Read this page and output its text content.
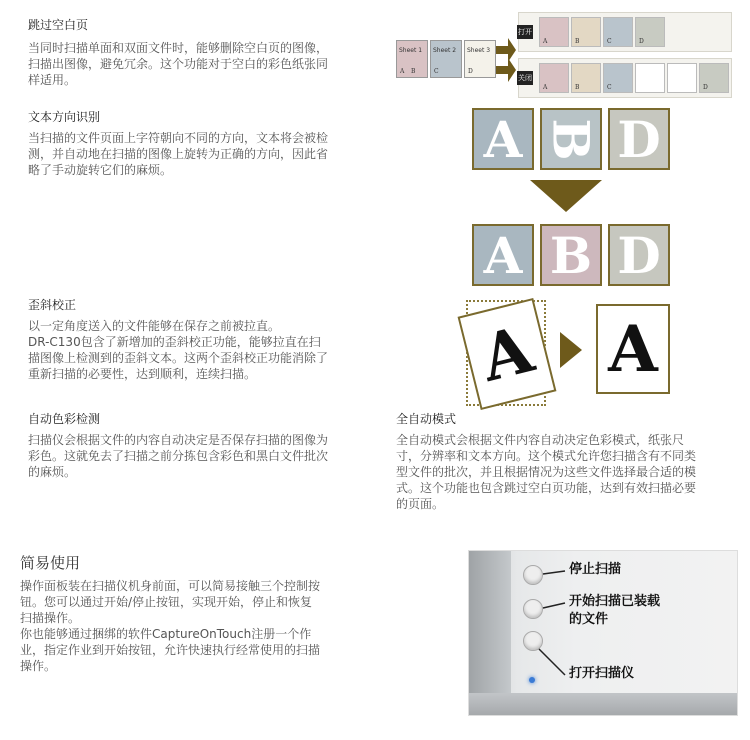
跳过空白页
当同时扫描单面和双面文件时，能够删除空白页的图像，
扫描出图像，避免冗余。这个功能对于空白的彩色纸张同
样适用。
Sheet 1
A B
Sheet 2
C
Sheet 3
D
打开
A	B	C	D
关闭
A	B	C	D
文本方向识别
当扫描的文件页面上字符朝向不同的方向，文本将会被检
测，并自动地在扫描的图像上旋转为正确的方向，因此省
略了手动旋转它们的麻烦。
A B D
A B D
歪斜校正
以一定角度送入的文件能够在保存之前被拉直。
DR-C130包含了新增加的歪斜校正功能，能够拉直在扫
描图像上检测到的歪斜文本。这两个歪斜校正功能消除了
重新扫描的必要性，达到顺利，连续扫描。	A A
自动色彩检测
扫描仪会根据文件的内容自动决定是否保存扫描的图像为
彩色。这就免去了扫描之前分拣包含彩色和黑白文件批次
的麻烦。
全自动模式
全自动模式会根据文件内容自动决定色彩模式，纸张尺
寸，分辨率和文本方向。这个模式允许您扫描含有不同类
型文件的批次，并且根据情况为这些文件选择最合适的模
式。这个功能也包含跳过空白页功能，达到有效扫描必要
的页面。
简易使用
操作面板装在扫描仪机身前面，可以简易接触三个控制按
钮。您可以通过开始/停止按钮，实现开始，停止和恢复
扫描操作。
你也能够通过捆绑的软件CaptureOnTouch注册一个作
业，指定作业到开始按钮，允许快速执行经常使用的扫描
操作。
停止扫描
开始扫描已装载
的文件
打开扫描仪
